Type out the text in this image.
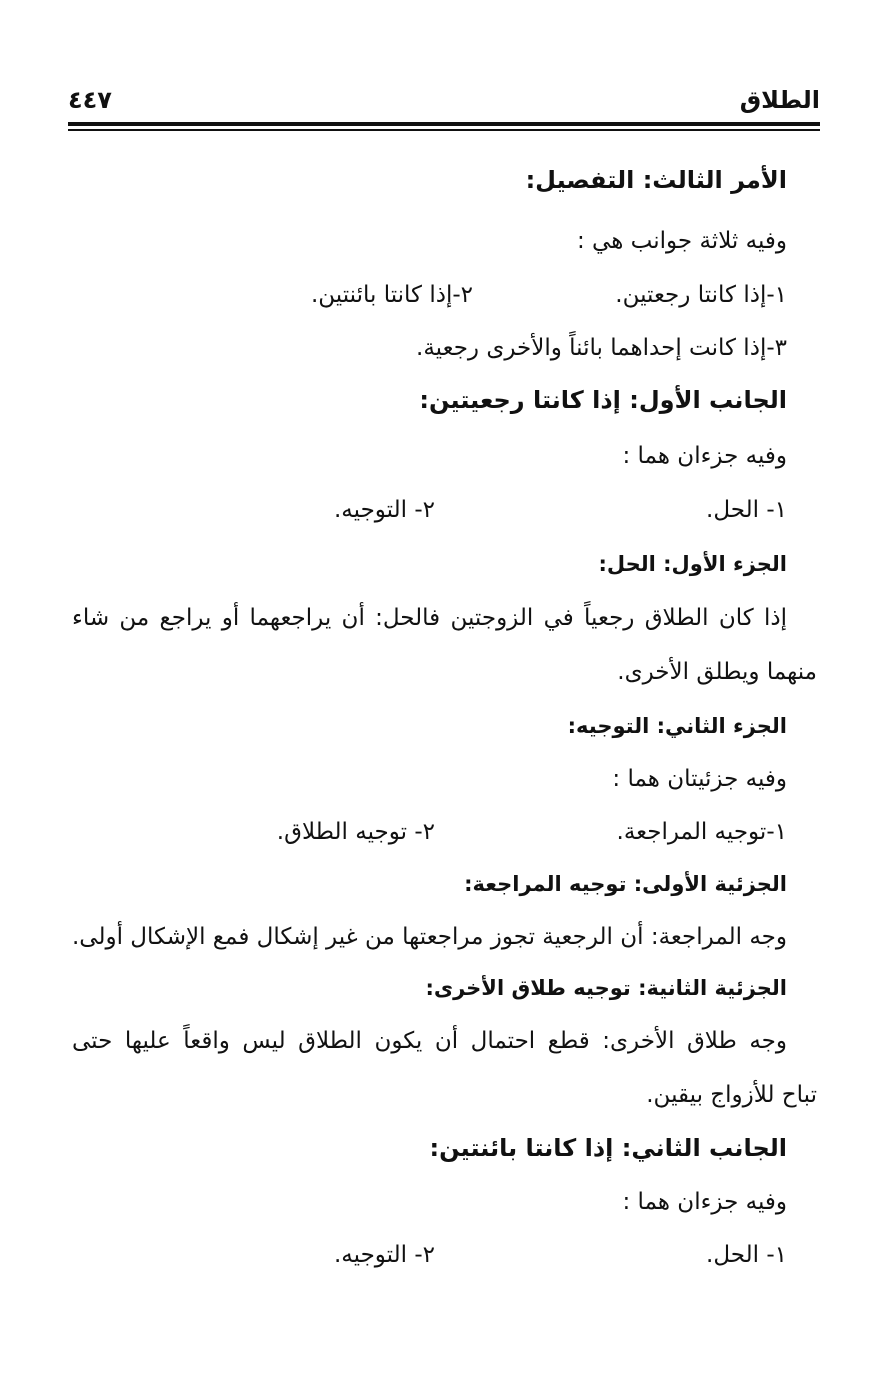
الطلاق
٤٤٧
الأمر الثالث: التفصيل:
وفيه ثلاثة جوانب هي :
١-إذا كانتا رجعتين.
٢-إذا كانتا بائنتين.
٣-إذا كانت إحداهما بائناً والأخرى رجعية.
الجانب الأول: إذا كانتا رجعيتين:
وفيه جزءان هما :
١- الحل.
٢- التوجيه.
الجزء الأول: الحل:
إذا كان الطلاق رجعياً في الزوجتين فالحل: أن يراجعهما أو يراجع من شاء
منهما ويطلق الأخرى.
الجزء الثاني: التوجيه:
وفيه جزئيتان هما :
١-توجيه المراجعة.
٢- توجيه الطلاق.
الجزئية الأولى: توجيه المراجعة:
وجه المراجعة: أن الرجعية تجوز مراجعتها من غير إشكال فمع الإشكال أولى.
الجزئية الثانية: توجيه طلاق الأخرى:
وجه طلاق الأخرى: قطع احتمال أن يكون الطلاق ليس واقعاً عليها حتى
تباح للأزواج بيقين.
الجانب الثاني: إذا كانتا بائنتين:
وفيه جزءان هما :
١- الحل.
٢- التوجيه.
